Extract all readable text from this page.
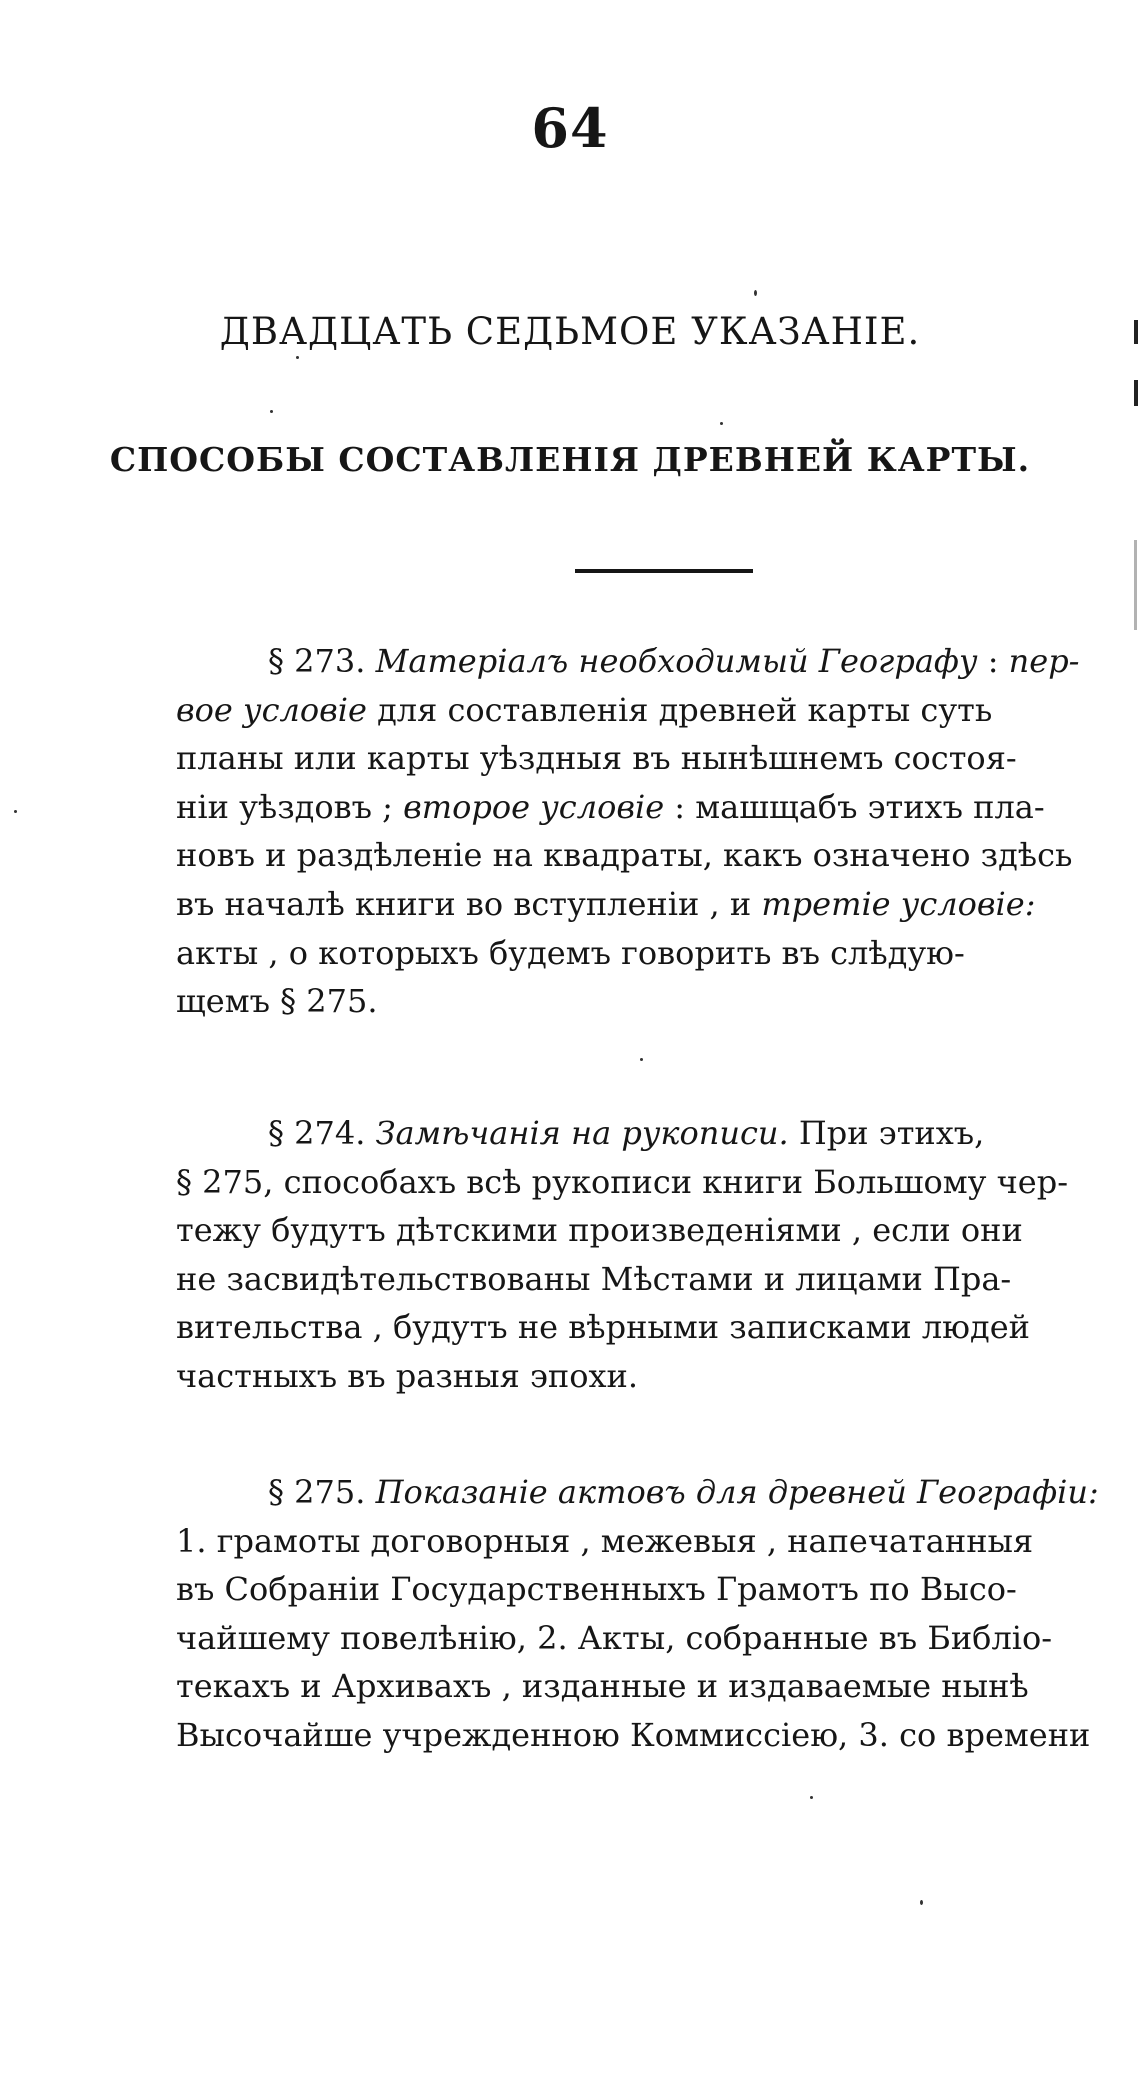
64
ДВАДЦАТЬ СЕДЬМОЕ УКАЗАНІЕ.
СПОСОБЫ СОСТАВЛЕНІЯ ДРЕВНЕЙ КАРТЫ.
§ 273. Матеріалъ необходимый Географу : пер-
вое условіе для составленія древней карты суть
планы или карты уѣздныя въ нынѣшнемъ состоя-
ніи уѣздовъ ; второе условіе : машщабъ этихъ пла-
новъ и раздѣленіе на квадраты, какъ означено здѣсь
въ началѣ книги во вступленіи , и третіе условіе:
акты , о которыхъ будемъ говорить въ слѣдую-
щемъ § 275.
§ 274. Замѣчанія на рукописи. При этихъ,
§ 275, способахъ всѣ рукописи книги Большому чер-
тежу будутъ дѣтскими произведеніями , если они
не засвидѣтельствованы Мѣстами и лицами Пра-
вительства , будутъ не вѣрными записками людей
частныхъ въ разныя эпохи.
§ 275. Показаніе актовъ для древней Географіи:
1. грамоты договорныя , межевыя , напечатанныя
въ Собраніи Государственныхъ Грамотъ по Высо-
чайшему повелѣнію, 2. Акты, собранные въ Библіо-
текахъ и Архивахъ , изданные и издаваемые нынѣ
Высочайше учрежденною Коммиссіею, 3. со времени
